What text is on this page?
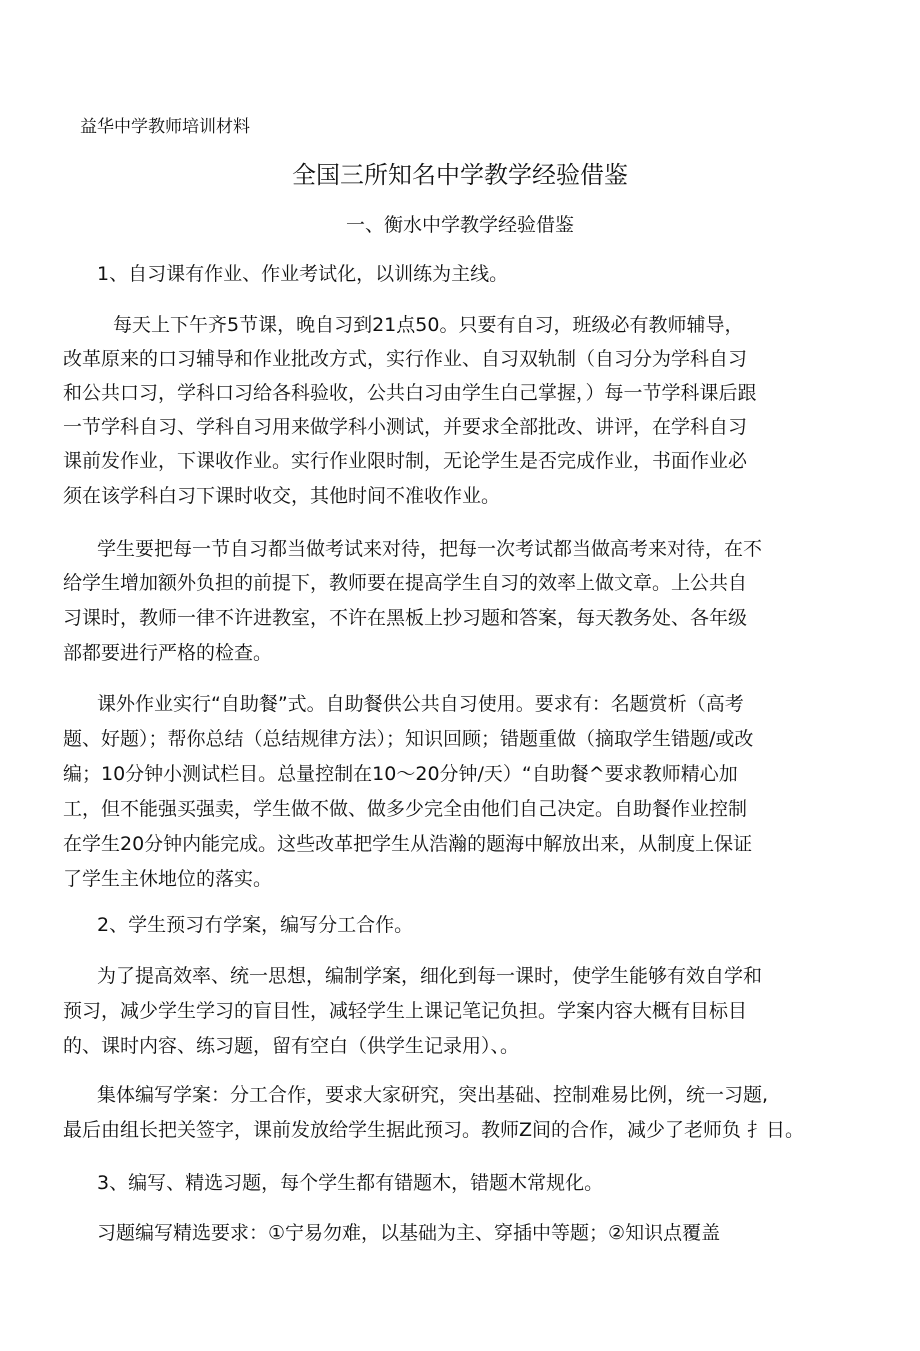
益华中学教师培训材料
全国三所知名中学教学经验借鉴
一、衡水中学教学经验借鉴
1、自习课有作业、作业考试化，以训练为主线。
每天上下午齐5节课，晚自习到21点50。只要有自习，班级必有教师辅导，
改革原来的口习辅导和作业批改方式，实行作业、自习双轨制（自习分为学科自习
和公共口习，学科口习给各科验收，公共白习由学生白己掌握，）每一节学科课后跟
一节学科自习、学科自习用来做学科小测试，并要求全部批改、讲评，在学科自习
课前发作业，下课收作业。实行作业限时制，无论学生是否完成作业，书面作业必
须在该学科白习下课时收交，其他时间不准收作业。
学生要把每一节自习都当做考试来对待，把每一次考试都当做高考来对待，在不
给学生增加额外负担的前提下，教师要在提高学生自习的效率上做文章。上公共自
习课时，教师一律不许进教室，不许在黑板上抄习题和答案，每天教务处、各年级
部都要进行严格的检查。
课外作业实行“自助餐”式。自助餐供公共自习使用。要求有：名题赏析（高考
题、好题）；帮你总结（总结规律方法）；知识回顾；错题重做（摘取学生错题/或改
编；10分钟小测试栏目。总量控制在10～20分钟/天）“自助餐^要求教师精心加
工，但不能强买强卖，学生做不做、做多少完全由他们自己决定。自助餐作业控制
在学生20分钟内能完成。这些改革把学生从浩瀚的题海中解放出来，从制度上保证
了学生主休地位的落实。
2、学生预习冇学案，编写分工合作。
为了提高效率、统一思想，编制学案，细化到每一课时，使学生能够有效自学和
预习，减少学生学习的盲目性，减轻学生上课记笔记负担。学案内容大概有目标目
的、课时内容、练习题，留有空白（供学生记录用）、。
集体编写学案：分工合作，要求大家研究，突出基础、控制难易比例，统一习题,
最后由组长把关签字，课前发放给学生据此预习。教师Z间的合作，减少了老师负 扌日。
3、编写、精选习题，每个学生都有错题木，错题木常规化。
习题编写精选要求：①宁易勿难，以基础为主、穿插中等题；②知识点覆盖
